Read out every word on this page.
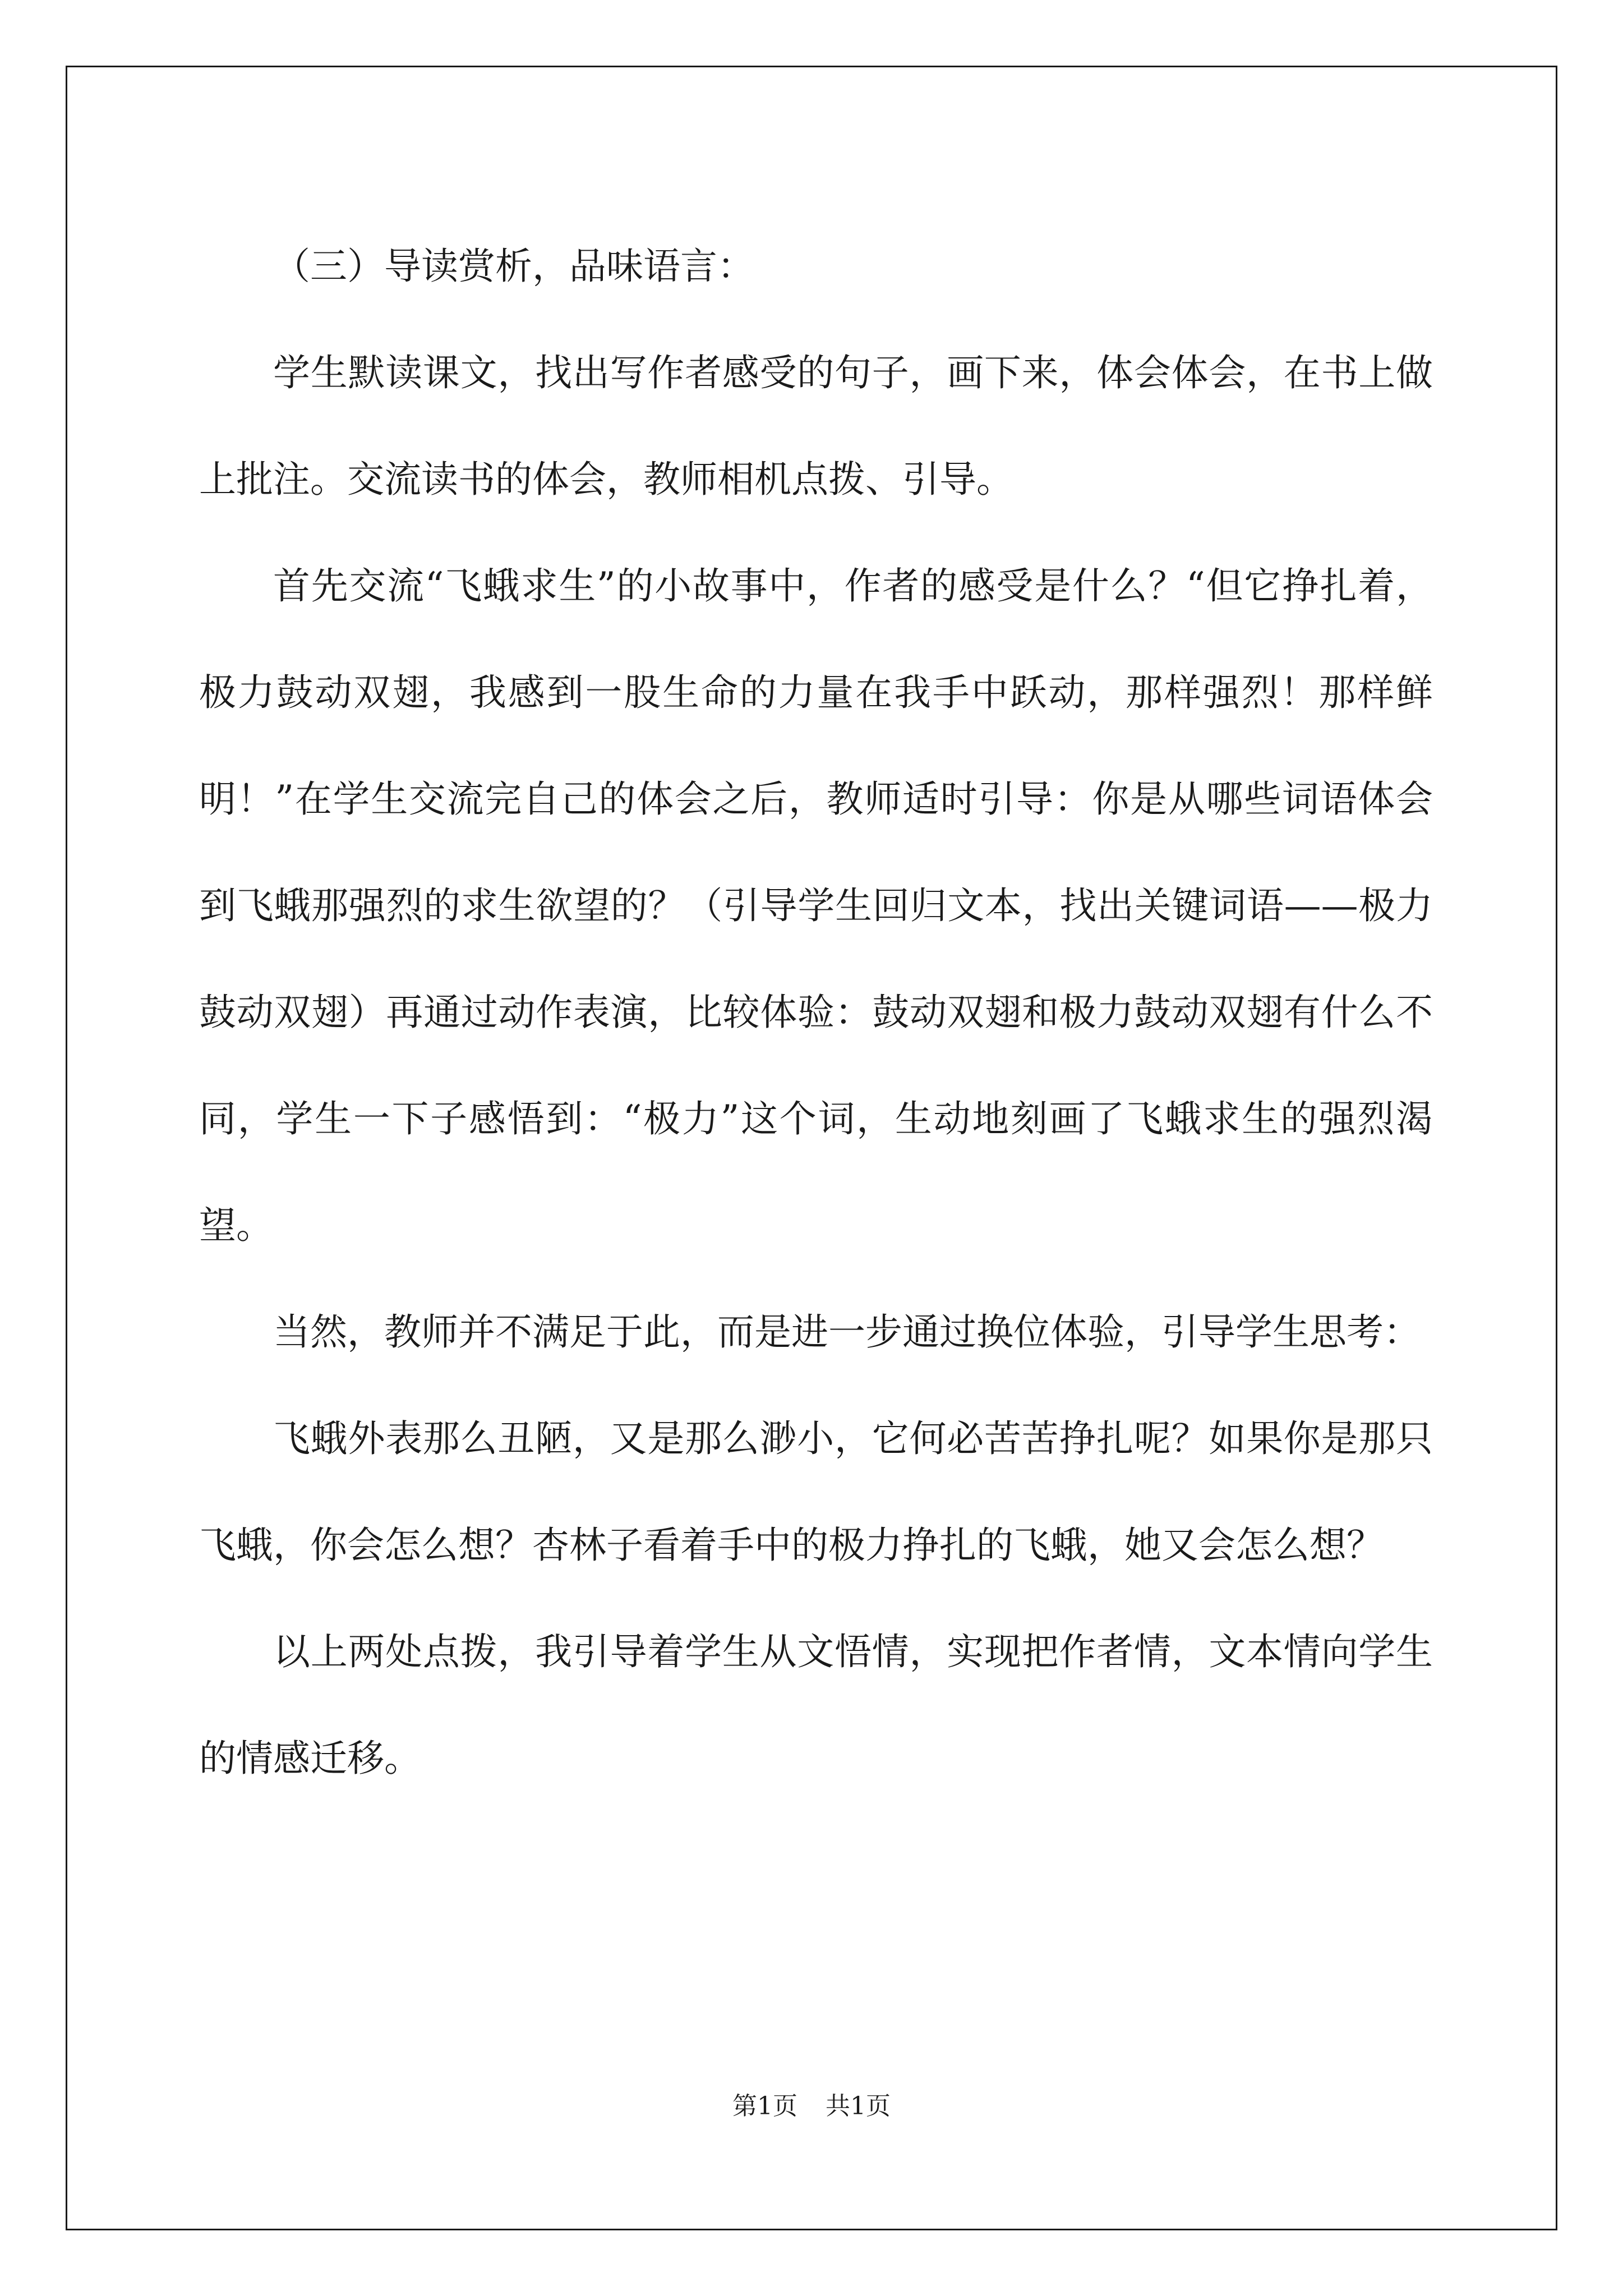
（三）导读赏析，品味语言：

学生默读课文，找出写作者感受的句子，画下来，体会体会，在书上做上批注。交流读书的体会，教师相机点拨、引导。

首先交流“飞蛾求生”的小故事中，作者的感受是什么？“但它挣扎着，极力鼓动双翅，我感到一股生命的力量在我手中跃动，那样强烈！那样鲜明！”在学生交流完自己的体会之后，教师适时引导：你是从哪些词语体会到飞蛾那强烈的求生欲望的？（引导学生回归文本，找出关键词语——极力鼓动双翅）再通过动作表演，比较体验：鼓动双翅和极力鼓动双翅有什么不同，学生一下子感悟到：“极力”这个词，生动地刻画了飞蛾求生的强烈渴望。

当然，教师并不满足于此，而是进一步通过换位体验，引导学生思考：

飞蛾外表那么丑陋，又是那么渺小，它何必苦苦挣扎呢？如果你是那只飞蛾，你会怎么想？杏林子看着手中的极力挣扎的飞蛾，她又会怎么想？

以上两处点拨，我引导着学生从文悟情，实现把作者情，文本情向学生的情感迁移。

第1页 共1页
